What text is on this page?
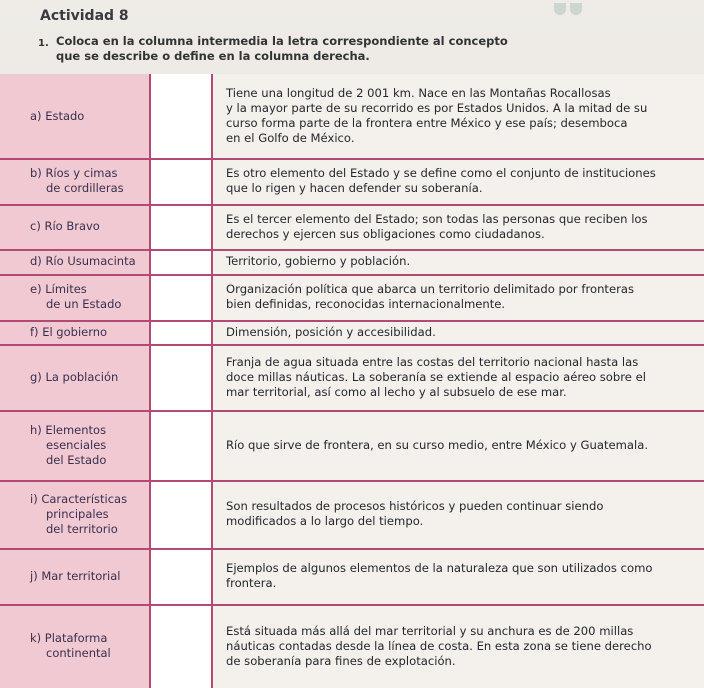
Actividad 8
1. Coloca en la columna intermedia la letra correspondiente al concepto que se describe o define en la columna derecha.
a) Estado
Tiene una longitud de 2 001 km. Nace en las Montañas Rocallosas
y la mayor parte de su recorrido es por Estados Unidos. A la mitad de su
curso forma parte de la frontera entre México y ese país; desemboca
en el Golfo de México.
b) Ríos y cimas
de cordilleras
Es otro elemento del Estado y se define como el conjunto de instituciones
que lo rigen y hacen defender su soberanía.
c) Río Bravo
Es el tercer elemento del Estado; son todas las personas que reciben los
derechos y ejercen sus obligaciones como ciudadanos.
d) Río Usumacinta	Territorio, gobierno y población.
e) Límites
de un Estado
Organización política que abarca un territorio delimitado por fronteras
bien definidas, reconocidas internacionalmente.
f) El gobierno	Dimensión, posición y accesibilidad.
g) La población
Franja de agua situada entre las costas del territorio nacional hasta las
doce millas náuticas. La soberanía se extiende al espacio aéreo sobre el
mar territorial, así como al lecho y al subsuelo de ese mar.
h) Elementos
esenciales
del Estado
Río que sirve de frontera, en su curso medio, entre México y Guatemala.
i) Características
principales
del territorio
Son resultados de procesos históricos y pueden continuar siendo
modificados a lo largo del tiempo.
j) Mar territorial
Ejemplos de algunos elementos de la naturaleza que son utilizados como
frontera.
k) Plataforma
continental
Está situada más allá del mar territorial y su anchura es de 200 millas
náuticas contadas desde la línea de costa. En esta zona se tiene derecho
de soberanía para fines de explotación.
